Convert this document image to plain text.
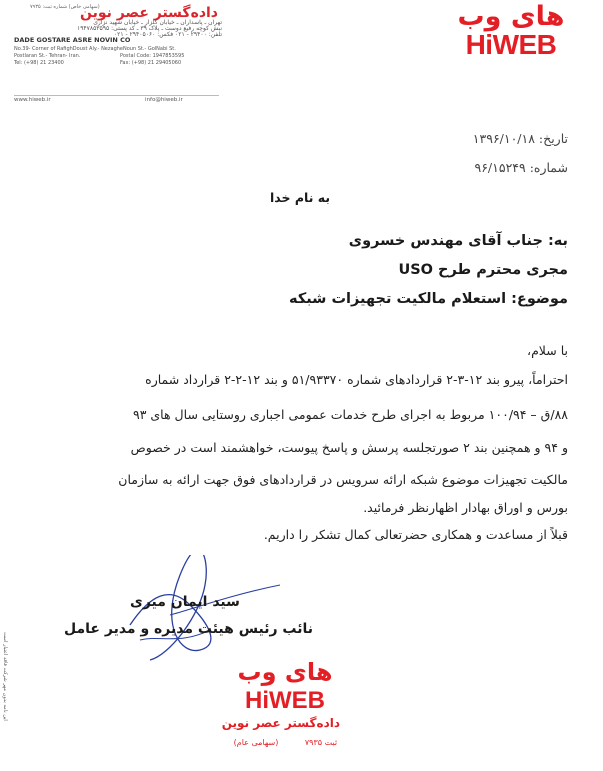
(سهامی خاص) شماره ثبت: ۷۹۳۵
داده‌گستر عصر نوین
تهران ـ پاسداران ـ خیابان گلزار ـ خیابان شهید نزاری
نبش کوچه رفیع دوست ـ پلاک ۳۹ ـ کد پستی: ۱۹۴۷۸۵۳۵۹۵
تلفن: ۲۹۴۰۰ - ۰۲۱ فکس: ۲۹۴۰۵۰۶۰ - ۰۲۱
DADE GOSTARE ASRE NOVIN CO
No.39- Corner of RafighDoust Aly.- NezagheNoun St.- GolNabi St.
Postlaran St.- Tehran- Iran.	Postal Code: 1947853595
Tel: (+98) 21 23400	Fax: (+98) 21 29405060
www.hiweb.ir	info@hiweb.ir
های وب
HiWEB
تاریخ: ۱۳۹۶/۱۰/۱۸
شماره: ۹۶/۱۵۲۴۹
به نام خدا
به: جناب آقای مهندس خسروی
مجری محترم طرح USO
موضوع: استعلام مالکیت تجهیزات شبکه
با سلام،
احتراماً، پیرو بند ۱۲-۳-۲ قراردادهای شماره ۵۱/۹۳۳۷۰ و بند ۱۲-۲-۲ قرارداد شماره
۸۸/ق – ۱۰۰/۹۴ مربوط به اجرای طرح خدمات عمومی اجباری روستایی سال های ۹۳
و ۹۴ و همچنین بند ۲ صورتجلسه پرسش و پاسخ پیوست، خواهشمند است در خصوص
مالکیت تجهیزات موضوع شبکه ارائه سرویس در قراردادهای فوق جهت ارائه به سازمان
بورس و اوراق بهادار اظهارنظر فرمائید.
قبلاً از مساعدت و همکاری حضرتعالی کمال تشکر را داریم.
سید ایمان میری
نائب رئیس هیئت مدیره و مدیر عامل
های وب
HiWEB
داده‌گستر عصر نوین
(سهامی عام)	ثبت ۷۹۳۵
این نامه بدون مهر شرکت فاقد اعتبار است
